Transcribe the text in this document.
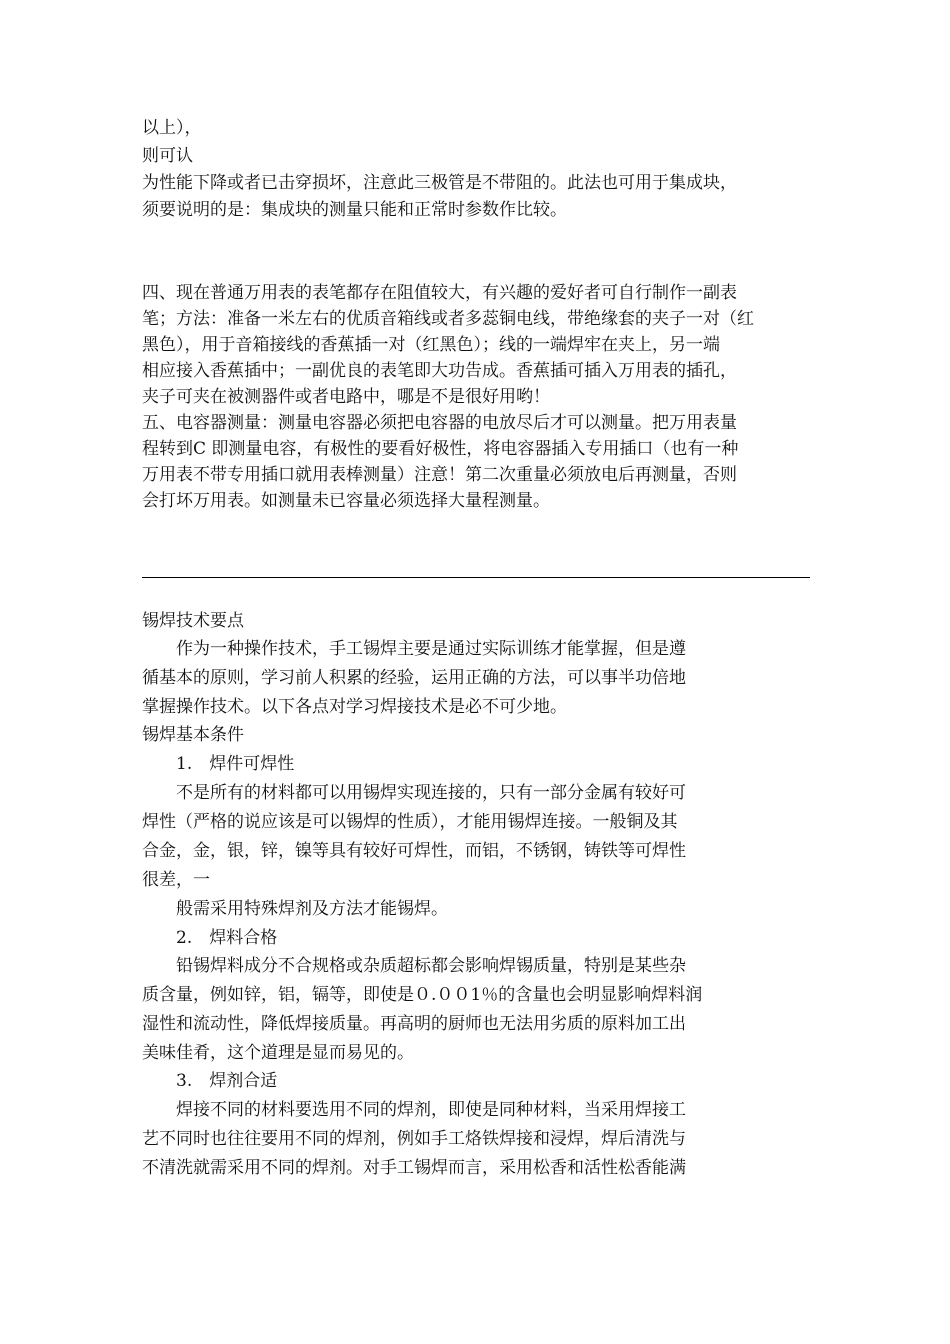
以上），
则可认
为性能下降或者已击穿损坏，注意此三极管是不带阻的。此法也可用于集成块，
须要说明的是：集成块的测量只能和正常时参数作比较。
四、现在普通万用表的表笔都存在阻值较大，有兴趣的爱好者可自行制作一副表
笔；方法：准备一米左右的优质音箱线或者多蕊铜电线，带绝缘套的夹子一对（红
黑色），用于音箱接线的香蕉插一对（红黑色）；线的一端焊牢在夹上，另一端
相应接入香蕉插中；一副优良的表笔即大功告成。香蕉插可插入万用表的插孔，
夹子可夹在被测器件或者电路中，哪是不是很好用哟！
五、电容器测量：测量电容器必须把电容器的电放尽后才可以测量。把万用表量
程转到C 即测量电容，有极性的要看好极性，将电容器插入专用插口（也有一种
万用表不带专用插口就用表棒测量）注意！第二次重量必须放电后再测量，否则
会打坏万用表。如测量未已容量必须选择大量程测量。
锡焊技术要点
作为一种操作技术，手工锡焊主要是通过实际训练才能掌握，但是遵
循基本的原则，学习前人积累的经验，运用正确的方法，可以事半功倍地
掌握操作技术。以下各点对学习焊接技术是必不可少地。
锡焊基本条件
1.　焊件可焊性
不是所有的材料都可以用锡焊实现连接的，只有一部分金属有较好可
焊性（严格的说应该是可以锡焊的性质），才能用锡焊连接。一般铜及其
合金，金，银，锌，镍等具有较好可焊性，而铝，不锈钢，铸铁等可焊性
很差，一
般需采用特殊焊剂及方法才能锡焊。
2.　焊料合格
铅锡焊料成分不合规格或杂质超标都会影响焊锡质量，特别是某些杂
质含量，例如锌，铝，镉等，即使是０.００1％的含量也会明显影响焊料润
湿性和流动性，降低焊接质量。再高明的厨师也无法用劣质的原料加工出
美味佳肴，这个道理是显而易见的。
3.　焊剂合适
焊接不同的材料要选用不同的焊剂，即使是同种材料，当采用焊接工
艺不同时也往往要用不同的焊剂，例如手工烙铁焊接和浸焊，焊后清洗与
不清洗就需采用不同的焊剂。对手工锡焊而言，采用松香和活性松香能满
